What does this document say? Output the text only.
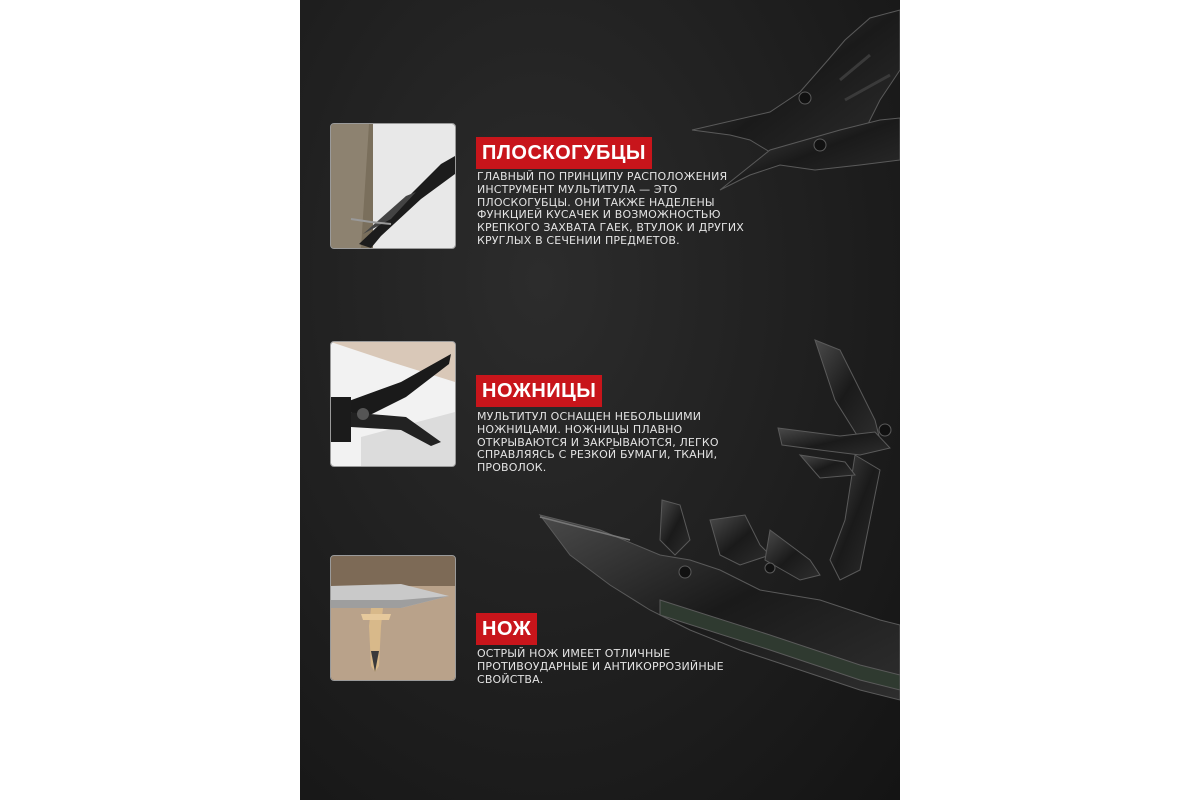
ПЛОСКОГУБЦЫ
ГЛАВНЫЙ ПО ПРИНЦИПУ РАСПОЛОЖЕНИЯ ИНСТРУМЕНТ МУЛЬТИТУЛА — ЭТО ПЛОСКОГУБЦЫ. ОНИ ТАКЖЕ НАДЕЛЕНЫ ФУНКЦИЕЙ КУСАЧЕК И ВОЗМОЖНОСТЬЮ КРЕПКОГО ЗАХВАТА ГАЕК, ВТУЛОК И ДРУГИХ КРУГЛЫХ В СЕЧЕНИИ ПРЕДМЕТОВ.
НОЖНИЦЫ
МУЛЬТИТУЛ ОСНАЩЕН НЕБОЛЬШИМИ НОЖНИЦАМИ. НОЖНИЦЫ ПЛАВНО ОТКРЫВАЮТСЯ И ЗАКРЫВАЮТСЯ, ЛЕГКО СПРАВЛЯЯСЬ С РЕЗКОЙ БУМАГИ, ТКАНИ, ПРОВОЛОК.
НОЖ
ОСТРЫЙ НОЖ ИМЕЕТ ОТЛИЧНЫЕ ПРОТИВОУДАРНЫЕ И АНТИКОРРОЗИЙНЫЕ СВОЙСТВА.
